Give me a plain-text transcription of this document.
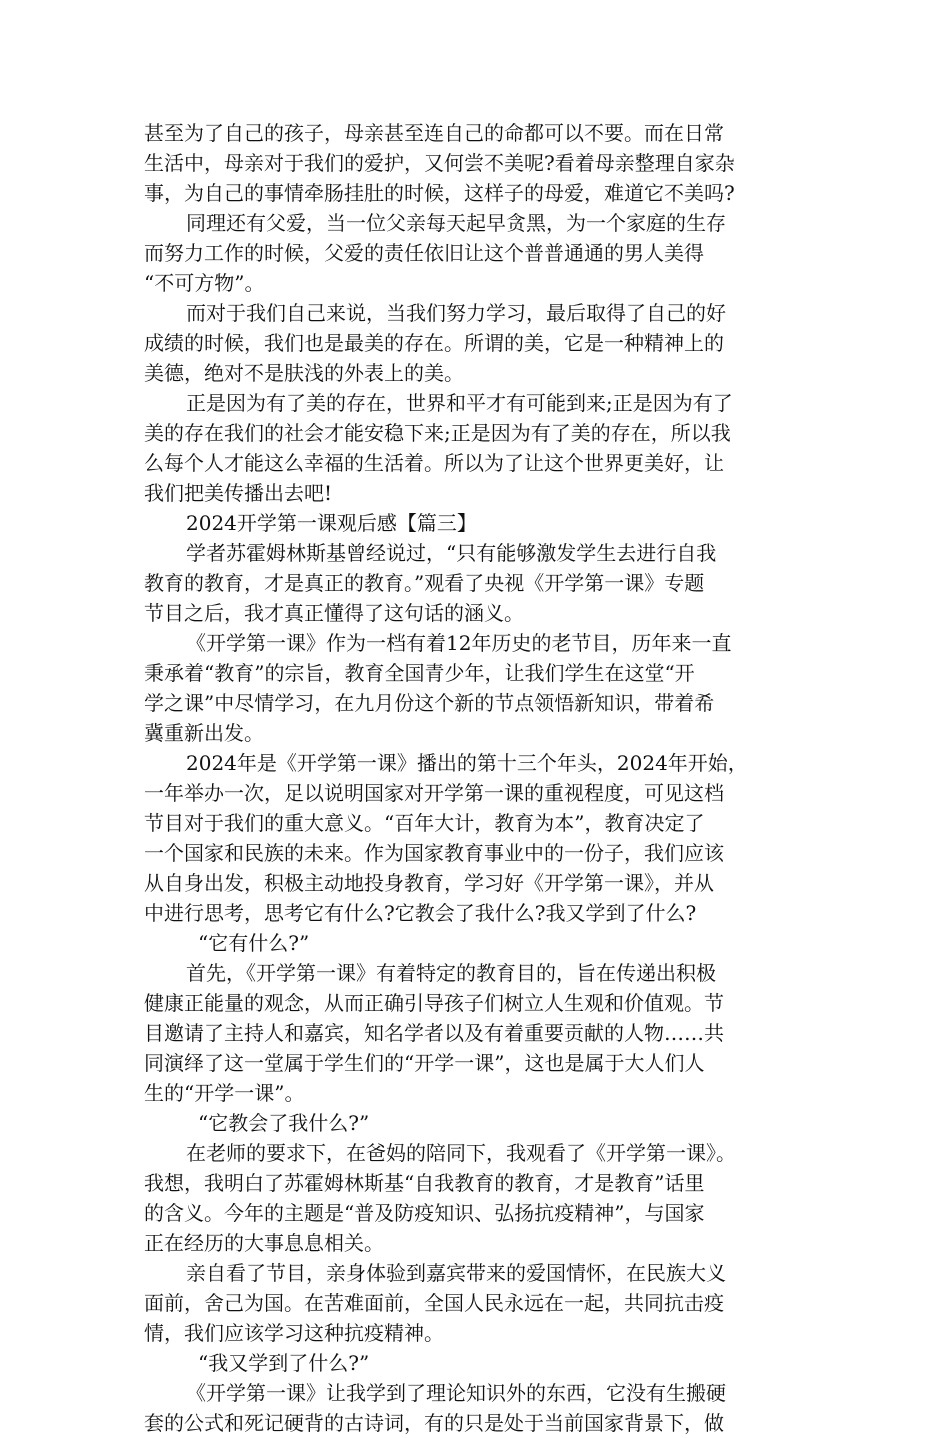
甚至为了自己的孩子，母亲甚至连自己的命都可以不要。而在日常
生活中，母亲对于我们的爱护，又何尝不美呢?看着母亲整理自家杂
事，为自己的事情牵肠挂肚的时候，这样子的母爱，难道它不美吗?
同理还有父爱，当一位父亲每天起早贪黑，为一个家庭的生存
而努力工作的时候，父爱的责任依旧让这个普普通通的男人美得
“不可方物”。
而对于我们自己来说，当我们努力学习，最后取得了自己的好
成绩的时候，我们也是最美的存在。所谓的美，它是一种精神上的
美德，绝对不是肤浅的外表上的美。
正是因为有了美的存在，世界和平才有可能到来;正是因为有了
美的存在我们的社会才能安稳下来;正是因为有了美的存在，所以我
么每个人才能这么幸福的生活着。所以为了让这个世界更美好，让
我们把美传播出去吧!
2024开学第一课观后感【篇三】
学者苏霍姆林斯基曾经说过，“只有能够激发学生去进行自我
教育的教育，才是真正的教育。”观看了央视《开学第一课》专题
节目之后，我才真正懂得了这句话的涵义。
《开学第一课》作为一档有着12年历史的老节目，历年来一直
秉承着“教育”的宗旨，教育全国青少年，让我们学生在这堂“开
学之课”中尽情学习，在九月份这个新的节点领悟新知识，带着希
冀重新出发。
2024年是《开学第一课》播出的第十三个年头，2024年开始，
一年举办一次，足以说明国家对开学第一课的重视程度，可见这档
节目对于我们的重大意义。“百年大计，教育为本”，教育决定了
一个国家和民族的未来。作为国家教育事业中的一份子，我们应该
从自身出发，积极主动地投身教育，学习好《开学第一课》，并从
中进行思考，思考它有什么?它教会了我什么?我又学到了什么?
“它有什么?”
首先，《开学第一课》有着特定的教育目的，旨在传递出积极
健康正能量的观念，从而正确引导孩子们树立人生观和价值观。节
目邀请了主持人和嘉宾，知名学者以及有着重要贡献的人物……共
同演绎了这一堂属于学生们的“开学一课”，这也是属于大人们人
生的“开学一课”。
“它教会了我什么?”
在老师的要求下，在爸妈的陪同下，我观看了《开学第一课》。
我想，我明白了苏霍姆林斯基“自我教育的教育，才是教育”话里
的含义。今年的主题是“普及防疫知识、弘扬抗疫精神”，与国家
正在经历的大事息息相关。
亲自看了节目，亲身体验到嘉宾带来的爱国情怀，在民族大义
面前，舍己为国。在苦难面前，全国人民永远在一起，共同抗击疫
情，我们应该学习这种抗疫精神。
“我又学到了什么?”
《开学第一课》让我学到了理论知识外的东西，它没有生搬硬
套的公式和死记硬背的古诗词，有的只是处于当前国家背景下，做
